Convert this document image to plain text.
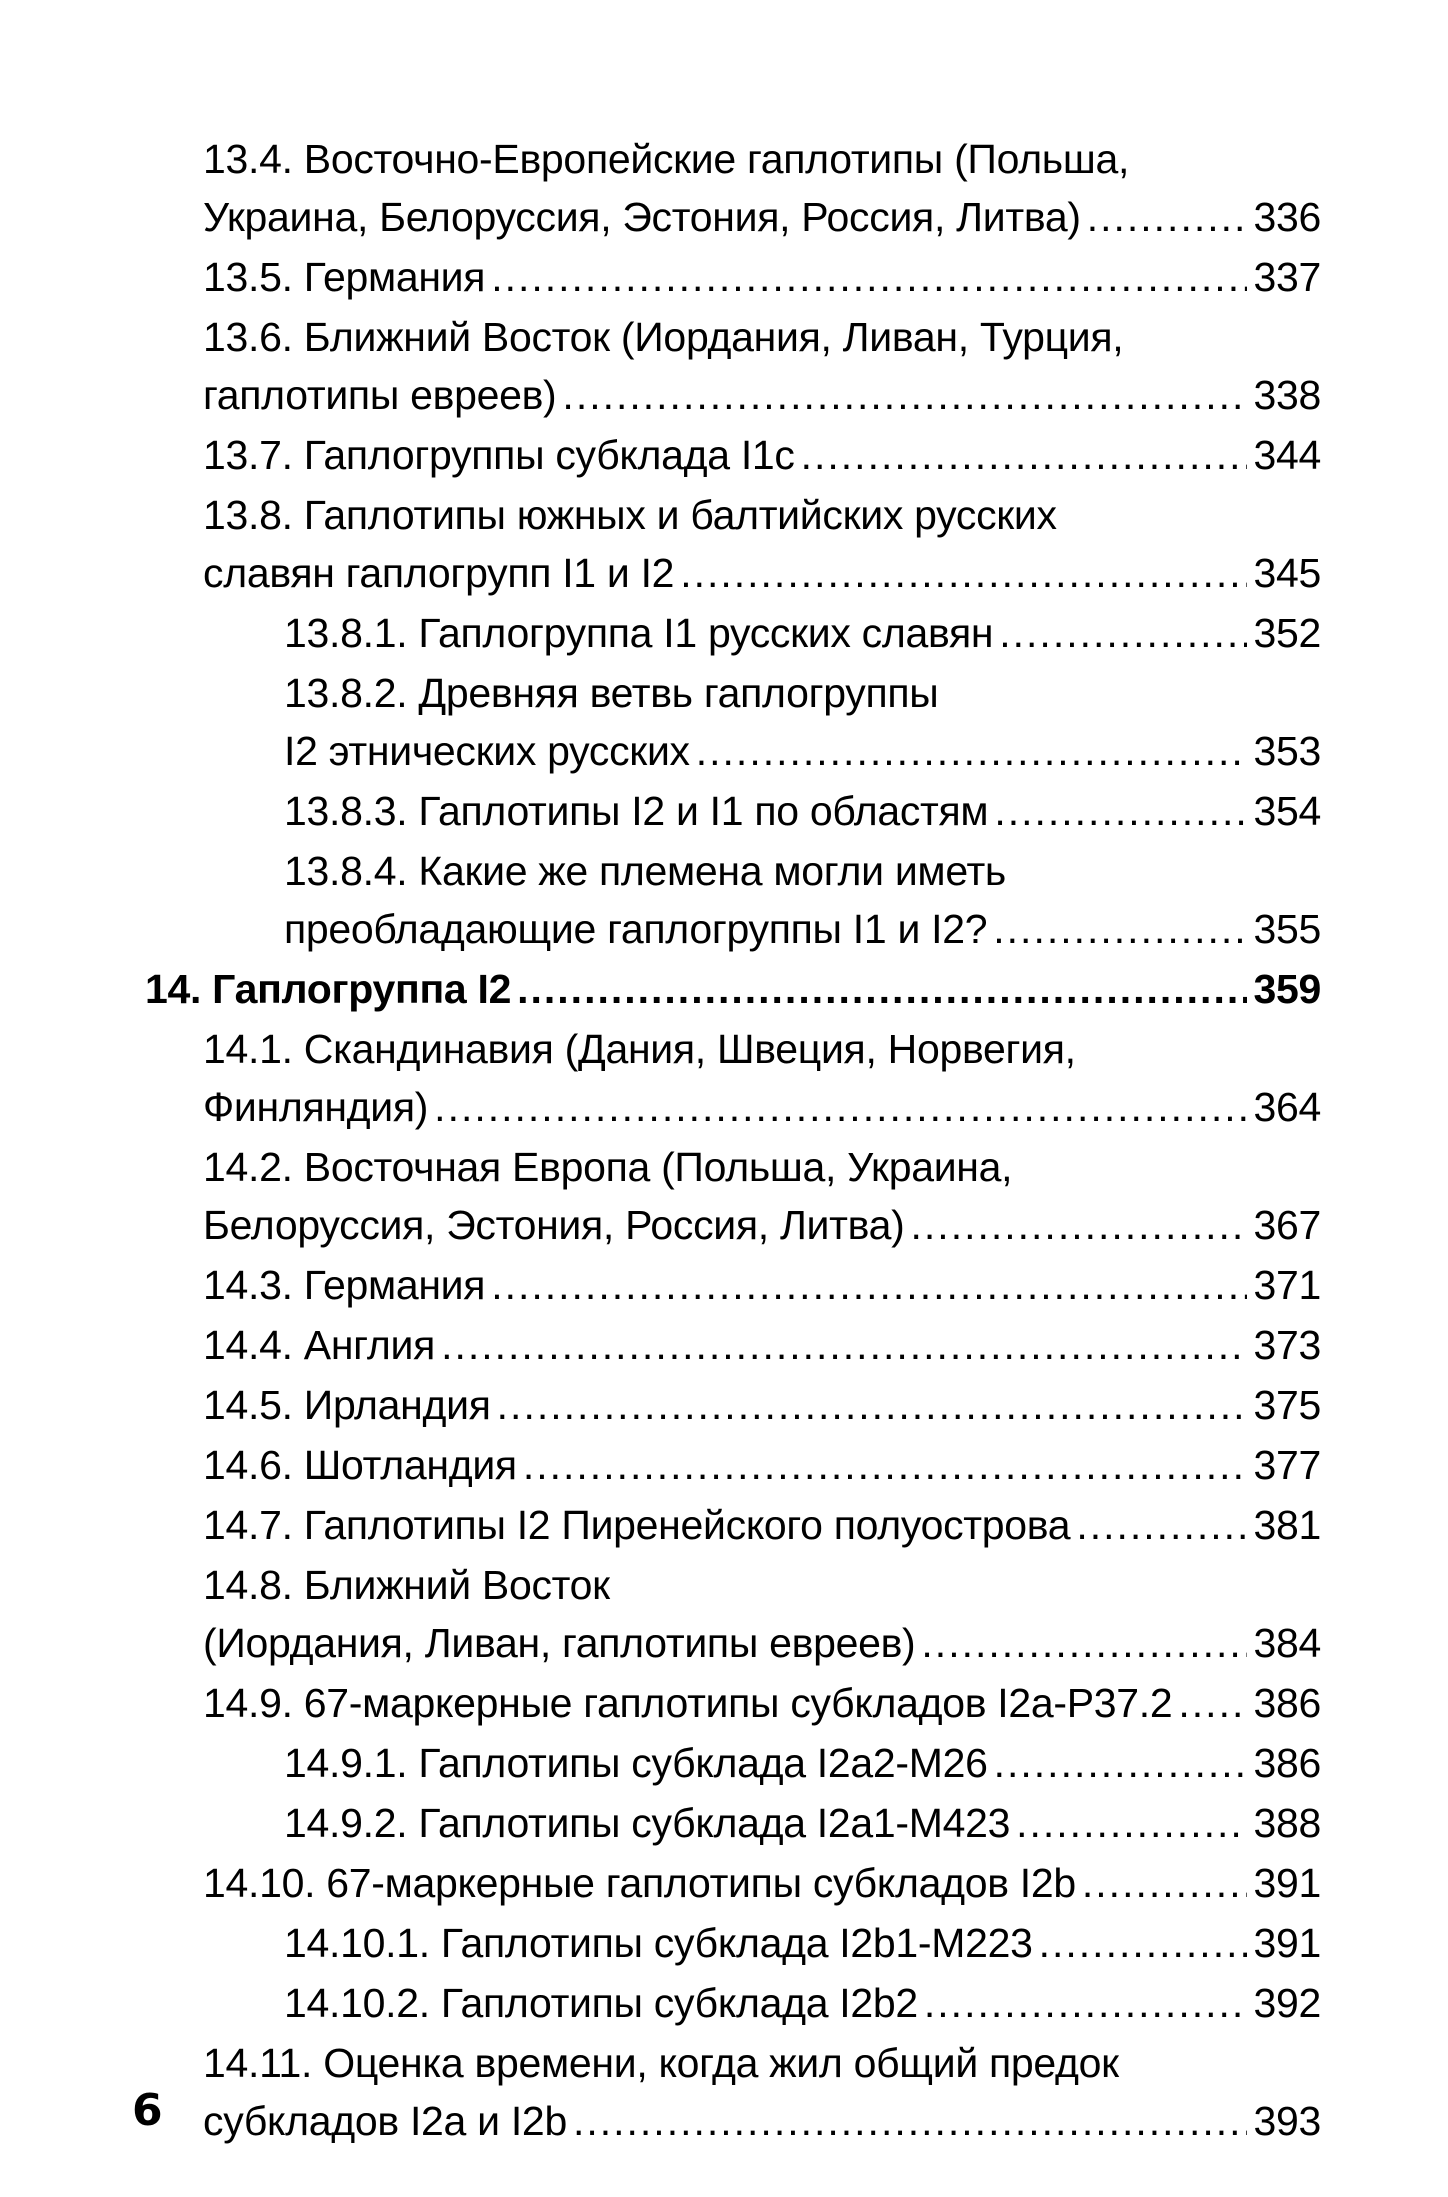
13.4. Восточно-Европейские гаплотипы (Польша,
Украина, Белоруссия, Эстония, Россия, Литва) .....	336
13.5. Германия .....	337
13.6. Ближний Восток (Иордания, Ливан, Турция,
гаплотипы евреев) .....	338
13.7. Гаплогруппы субклада I1c .....	344
13.8. Гаплотипы южных и балтийских русских
славян гаплогрупп I1 и I2 .....	345
13.8.1. Гаплогруппа I1 русских славян .....	352
13.8.2. Древняя ветвь гаплогруппы
I2 этнических русских .....	353
13.8.3. Гаплотипы I2 и I1 по областям .....	354
13.8.4. Какие же племена могли иметь
преобладающие гаплогруппы I1 и I2? .....	355
14. Гаплогруппа I2 .....	359
14.1. Скандинавия (Дания, Швеция, Норвегия,
Финляндия) .....	364
14.2. Восточная Европа (Польша, Украина,
Белоруссия, Эстония, Россия, Литва) .....	367
14.3. Германия .....	371
14.4. Англия .....	373
14.5. Ирландия .....	375
14.6. Шотландия .....	377
14.7. Гаплотипы I2 Пиренейского полуострова .....	381
14.8. Ближний Восток
(Иордания, Ливан, гаплотипы евреев) .....	384
14.9. 67-маркерные гаплотипы субкладов I2a-P37.2 ..... 386
14.9.1. Гаплотипы субклада I2a2-M26 .....	386
14.9.2. Гаплотипы субклада I2a1-M423 .....	388
14.10. 67-маркерные гаплотипы субкладов I2b .....	391
14.10.1. Гаплотипы субклада I2b1-M223 .....	391
14.10.2. Гаплотипы субклада I2b2 .....	392
14.11. Оценка времени, когда жил общий предок
субкладов I2a и I2b .....	393
6
